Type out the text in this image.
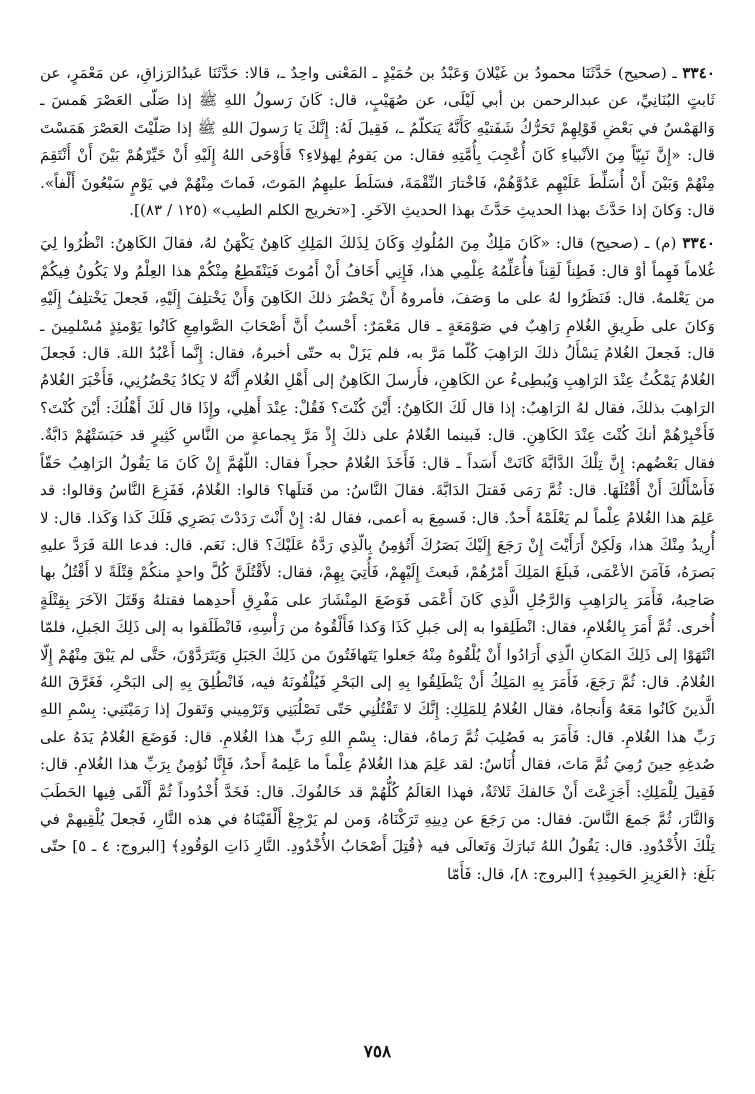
٣٣٤٠ ـ (صحيح) حَدَّثَنَا محمودُ بن غَيْلانَ وَعَبْدُ بن حُمَيْدٍ ـ المَعْنى واحِدٌ ـ، قالا: حَدَّثَنَا عَبدُالرَزاقِ، عن مَعْمَرٍ، عن ثَابتٍ البُنَانِيِّ، عن عبدالرحمن بن أبي لَيْلَى، عن صُهَيْبٍ، قال: كَانَ رَسولُ اللهِ ﷺ إذا صَلّى العَصْرَ هَمسَ ـ وَالهَمْسُ في بَعْضِ قَوْلِهِمْ تَحَرُّكُ شَفَتيْهِ كَأَنَّهُ يَتكلّمُ ـ، فَقِيلَ لَهُ: إِنَّكَ يَا رَسولَ اللهِ ﷺ إذا صَلّيْتَ العَصْرَ هَمَسْتَ قال: «إِنَّ نَبِيّاً مِنَ الأنْبياءِ كَانَ أُعْجِبَ بِأُمَّتِهِ فقال: من يَقومُ لِهؤلاءِ؟ فَأَوْحَى اللهُ إِلَيْهِ أَنْ خَيِّرْهُمْ بَيْنَ أَنْ أَنْتَقِمَ مِنْهُمْ وَبَيْنَ أَنْ أُسَلِّطَ عَلَيْهِم عَدُوَّهُمْ، فَاخْتارَ النِّقْمَةَ، فسَلَطَ عليهِمُ المَوتَ، فَماتَ مِنْهُمْ في يَوْمٍ سَبْعُونَ أَلْفاً». قال: وَكانَ إذا حَدَّثَ بهذا الحديثِ حَدَّثَ بهذا الحديثِ الآخَرِ. [«تخريج الكلم الطيب» (١٢٥ / ٨٣)].

٣٣٤٠ (م) ـ (صحيح) قال: «كَانَ مَلِكٌ مِنَ المُلُوكِ وَكَانَ لِذَلكَ المَلِكِ كَاهِنٌ يَكْهَنُ لهُ، فقالَ الكَاهِنُ: انْظُرُوا لِيَ غُلاماً فَهِماً أوْ قال: فَطِناً لَقِناً فأُعَلِّمُهُ عِلْمِي هذا، فَإِنِي أَخَافُ أَنْ أَمُوتَ فَيَنْقَطِعُ مِنْكُمْ هذا العِلْمُ ولا يَكُونُ فِيكُمْ من يَعْلمهُ. قال: فَنَظَرُوا لهُ على ما وَصَفَ، فأمروهُ أَنْ يَحْضُرَ ذلكَ الكَاهِنَ وَأَنْ يَخْتلِفَ إِلَيْهِ، فَجعلَ يَخْتلِفُ إِلَيْهِ وَكانَ على طَرِيقِ الغُلامِ رَاهِبٌ في صَوْمَعَةٍ ـ قال مَعْمَرٌ: أَحْسبُ أَنَّ أَصْحَابَ الصَّوامِعِ كَانُوا يَوْمئِذٍ مُسْلمِينَ ـ قال: فَجعلَ الغُلامُ يَسْأَلُ ذلكَ الرَاهِبَ كُلّما مَرَّ به، فلم يَزَلْ به حتّى أخبرهُ، فقال: إِنَّما أَعْبُدُ اللهَ. قال: فَجعلَ الغُلامُ يَمْكُثُ عِنْدَ الرَاهِبِ وَيُبطِىءُ عن الكَاهِنِ، فأَرسلَ الكَاهِنُ إلى أَهْلِ الغُلامِ أَنَّهُ لا يَكادُ يَحْضُرُنِي، فَأَخْبَرَ الغُلامُ الرَاهِبَ بذلكَ، فقال لهُ الرَاهِبُ: إذا قال لَكَ الكَاهِنُ: أَيْنَ كُنْتَ؟ فَقُلْ: عِنْدَ أَهلِي، وإِذَا قال لَكَ أَهْلُكَ: أَيْنَ كُنْتَ؟ فَأَخْبِرْهُمْ أنكَ كُنْتَ عِنْدَ الكَاهِنِ. قال: فَبينما الغُلامُ على ذلكَ إِذْ مَرَّ بِجماعةٍ من النَّاسِ كَثِيرٍ قد حَبَسَتْهُمْ دَابَّةٌ. فقال بَعْضُهم: إِنَّ تِلْكَ الدَّابَّةَ كَانَتْ أَسَداً ـ قال: فَأَخَذَ الغُلامُ حجراً فقال: اللّهُمَّ إِنْ كَانَ مَا يَقُولُ الرَاهِبُ حَقّاً فَأَسْأَلُكَ أَنْ أَقْتُلَهَا. قال: ثُمَّ رَمَى فَقتلَ الدَابَّةَ. فقالَ النَّاسُ: من قَتلَها؟ قالوا: الغُلامُ، فَفَزِعَ النَّاسُ وَقالوا: قد عَلِمَ هذا الغُلامُ عِلْماً لم يَعْلَمْهُ أَحدٌ. قال: فَسمِعَ به أعمى، فقال لهُ: إِنْ أَنْتَ رَدَدْتَ بَصَرِي فَلَكَ كَذا وَكَذا. قال: لا أُرِيدُ مِنْكَ هذا، وَلَكِنْ أَرَأَيْتَ إِنْ رَجَعَ إِلَيْكَ بَصَرُكَ أَتُؤمِنُ بِالّذِي رَدَّهُ عَلَيْكَ؟ قال: نَعَم. قال: فدعا اللهَ فَرَدَّ عليهِ بَصرَهُ، فَآمَنَ الأعْمَى، فَبلَغَ المَلِكَ أَمْرُهُمْ، فَبعثَ إِلَيْهِمْ، فَأُتِيَ بِهِمْ، فقال: لأَقْتُلَنَّ كُلَّ واحدٍ منكُمْ قِتْلَةً لا أَقْتُلُ بها صَاحِبهُ، فَأَمَرَ بِالرَاهِبِ وَالرَّجُلِ الَّذِي كَانَ أَعْمَى فَوَضَعَ المِنْشَارَ على مَفْرِقِ أَحدِهما فقتلهُ وَقَتَلَ الآخَرَ بِقِتْلَةٍ أُخرى. ثُمَّ أَمَرَ بِالغُلامِ، فقال: انْطَلِقوا به إلى جَبلِ كَذَا وَكذا فَأَلْقُوهُ من رَأْسِهِ، فَانْطَلَقوا به إلى ذَلِكَ الجَبلِ، فلمّا انْتَهَوْا إلى ذَلِكَ المَكانِ الّذِي أَرَادُوا أَنْ يُلْقُوهُ مِنْهُ جَعلوا يَتَهافَتُونَ من ذَلِكَ الجَبَلِ وَيَتَرَدَّوْنَ، حَتَّى لم يَبْقَ مِنْهُمْ إِلّا الغُلامُ. قال: ثُمَّ رَجَعَ، فَأَمَرَ بِهِ المَلِكُ أَنْ يَنْطَلِقُوا بِهِ إلى البَحْرِ فَيُلْقُونَهُ فيه، فَانْطُلِقَ بِهِ إلى البَحْرِ، فَغَرَّقَ اللهُ الَّذينَ كَانُوا مَعَهُ وَأَنجاهُ، فقال الغُلامُ لِلمَلِكِ: إِنَّكَ لا تَقْتُلُنِي حَتّى تَصْلُبَنِي وَتَرْمِيني وَتَقولَ إذا رَمَيْتَنِي: بِسْمِ اللهِ رَبِّ هذا الغُلامِ. قال: فَأَمَرَ به فَصُلِبَ ثُمَّ رَماهُ، فقال: بِسْمِ اللهِ رَبِّ هذا الغُلامِ. قال: فَوَضَعَ الغُلامُ يَدَهُ على صُدغِهِ حِينَ رُمِيَ ثُمَّ مَاتَ، فقال أُنَاسٌ: لقد عَلِمَ هذا الغُلامُ عِلْماً ما عَلِمهُ أَحدٌ، فَإِنَّا نُؤمِنُ بِرَبِّ هذا الغُلامِ. قال: فَقِيلَ لِلْمَلِكِ: أَجَزِعْتَ أَنْ خَالفكَ ثَلاثَةٌ، فهذا العَالَمُ كُلُّهُمْ قد خَالفُوكَ. قال: فَخَدَّ أُخْدُوداً ثُمَّ أَلْقَى فِيها الحَطَبَ وَالنَّارَ، ثُمَّ جَمعَ النَّاسَ. فقال: من رَجَعَ عن دِينِهِ تَرَكْنَاهُ، وَمن لم يَرْجِعْ أَلْقَيْنَاهُ في هذه النَّارِ، فَجعلَ يُلْقِيهمْ في تِلْكَ الأُخْدُودِ. قال: يَقُولُ اللهُ تَبارَكَ وَتَعالَى فيه ﴿قُتِلَ أَصْحَابُ الأُخْدُودِ. النَّارِ ذَاتِ الوَقُودِ﴾ [البروج: ٤ ـ ٥] حتّى بَلَغ: ﴿العَزِيزِ الحَمِيدِ﴾ [البروج: ٨]، قال: فَأَمّا

٧٥٨
